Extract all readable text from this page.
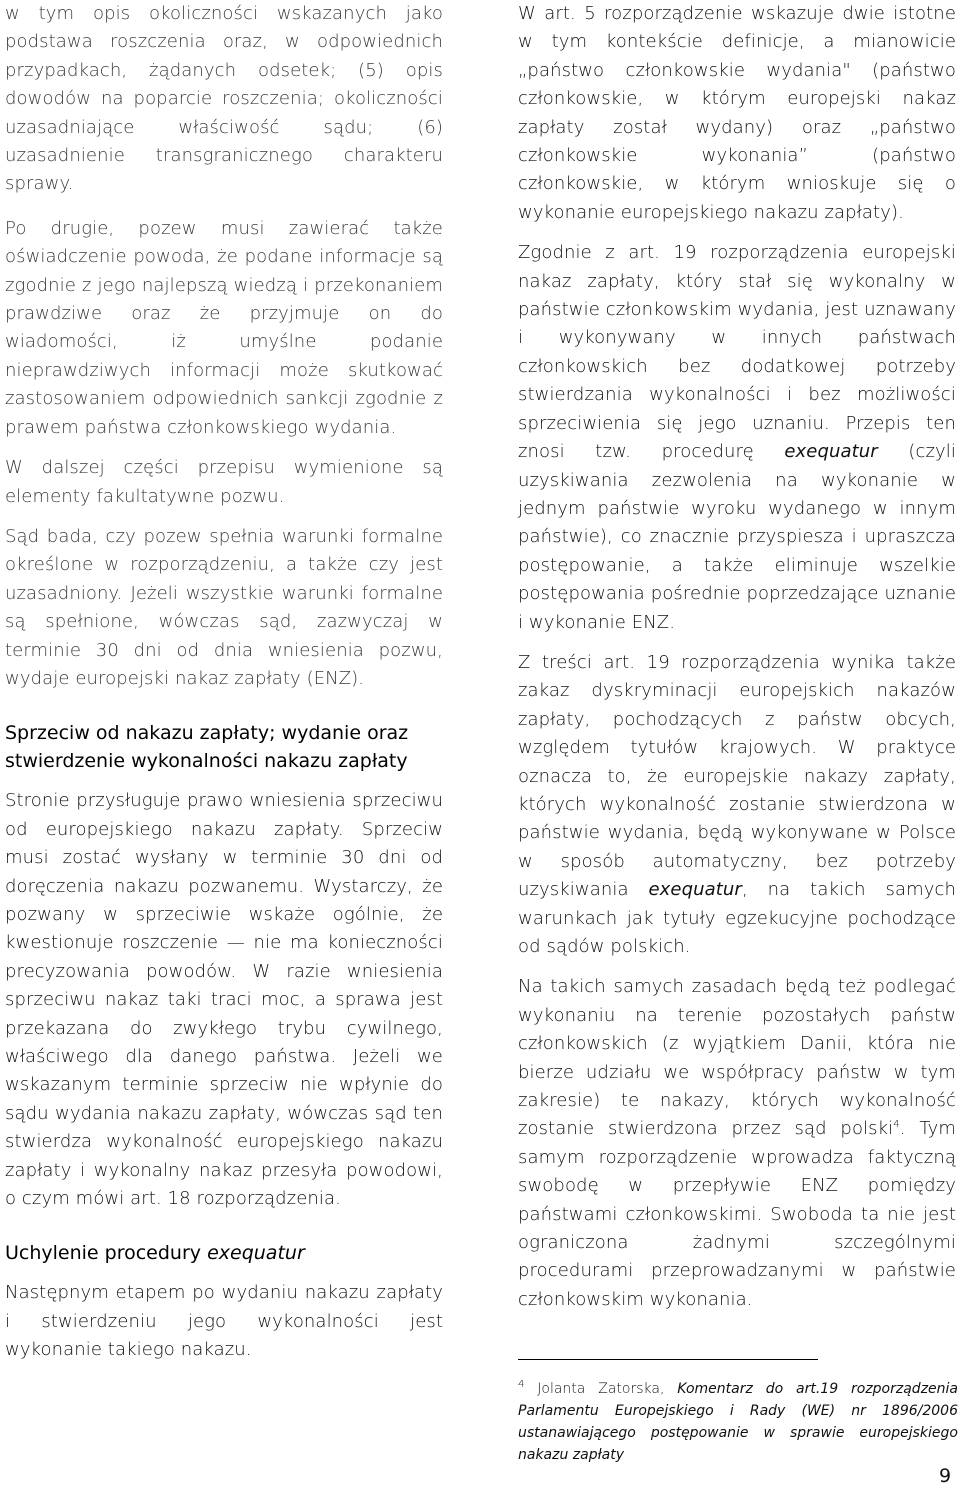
w tym opis okoliczności wskazanych jako podstawa roszczenia oraz, w odpowiednich przypadkach, żądanych odsetek; (5) opis dowodów na poparcie roszczenia; okoliczności uzasadniające właściwość sądu; (6) uzasadnienie transgranicznego charakteru sprawy.

Po drugie, pozew musi zawierać także oświadczenie powoda, że podane informacje są zgodnie z jego najlepszą wiedzą i przekonaniem prawdziwe oraz że przyjmuje on do wiadomości, iż umyślne podanie nieprawdziwych informacji może skutkować zastosowaniem odpowiednich sankcji zgodnie z prawem państwa członkowskiego wydania.

W dalszej części przepisu wymienione są elementy fakultatywne pozwu.

Sąd bada, czy pozew spełnia warunki formalne określone w rozporządzeniu, a także czy jest uzasadniony. Jeżeli wszystkie warunki formalne są spełnione, wówczas sąd, zazwyczaj w terminie 30 dni od dnia wniesienia pozwu, wydaje europejski nakaz zapłaty (ENZ).

Sprzeciw od nakazu zapłaty; wydanie oraz stwierdzenie wykonalności nakazu zapłaty

Stronie przysługuje prawo wniesienia sprzeciwu od europejskiego nakazu zapłaty. Sprzeciw musi zostać wysłany w terminie 30 dni od doręczenia nakazu pozwanemu. Wystarczy, że pozwany w sprzeciwie wskaże ogólnie, że kwestionuje roszczenie — nie ma konieczności precyzowania powodów. W razie wniesienia sprzeciwu nakaz taki traci moc, a sprawa jest przekazana do zwykłego trybu cywilnego, właściwego dla danego państwa. Jeżeli we wskazanym terminie sprzeciw nie wpłynie do sądu wydania nakazu zapłaty, wówczas sąd ten stwierdza wykonalność europejskiego nakazu zapłaty i wykonalny nakaz przesyła powodowi, o czym mówi art. 18 rozporządzenia.

Uchylenie procedury exequatur

Następnym etapem po wydaniu nakazu zapłaty i stwierdzeniu jego wykonalności jest wykonanie takiego nakazu.

W art. 5 rozporządzenie wskazuje dwie istotne w tym kontekście definicje, a mianowicie „państwo członkowskie wydania" (państwo członkowskie, w którym europejski nakaz zapłaty został wydany) oraz „państwo członkowskie wykonania” (państwo członkowskie, w którym wnioskuje się o wykonanie europejskiego nakazu zapłaty).

Zgodnie z art. 19 rozporządzenia europejski nakaz zapłaty, który stał się wykonalny w państwie członkowskim wydania, jest uznawany i wykonywany w innych państwach członkowskich bez dodatkowej potrzeby stwierdzania wykonalności i bez możliwości sprzeciwienia się jego uznaniu. Przepis ten znosi tzw. procedurę exequatur (czyli uzyskiwania zezwolenia na wykonanie w jednym państwie wyroku wydanego w innym państwie), co znacznie przyspiesza i upraszcza postępowanie, a także eliminuje wszelkie postępowania pośrednie poprzedzające uznanie i wykonanie ENZ.

Z treści art. 19 rozporządzenia wynika także zakaz dyskryminacji europejskich nakazów zapłaty, pochodzących z państw obcych, względem tytułów krajowych. W praktyce oznacza to, że europejskie nakazy zapłaty, których wykonalność zostanie stwierdzona w państwie wydania, będą wykonywane w Polsce w sposób automatyczny, bez potrzeby uzyskiwania exequatur, na takich samych warunkach jak tytuły egzekucyjne pochodzące od sądów polskich.

Na takich samych zasadach będą też podlegać wykonaniu na terenie pozostałych państw członkowskich (z wyjątkiem Danii, która nie bierze udziału we współpracy państw w tym zakresie) te nakazy, których wykonalność zostanie stwierdzona przez sąd polski$^4$. Tym samym rozporządzenie wprowadza faktyczną swobodę w przepływie ENZ pomiędzy państwami członkowskimi. Swoboda ta nie jest ograniczona żadnymi szczególnymi procedurami przeprowadzanymi w państwie członkowskim wykonania.

$^4$ Jolanta Zatorska, Komentarz do art.19 rozporządzenia Parlamentu Europejskiego i Rady (WE) nr 1896/2006 ustanawiającego postępowanie w sprawie europejskiego nakazu zapłaty
9
